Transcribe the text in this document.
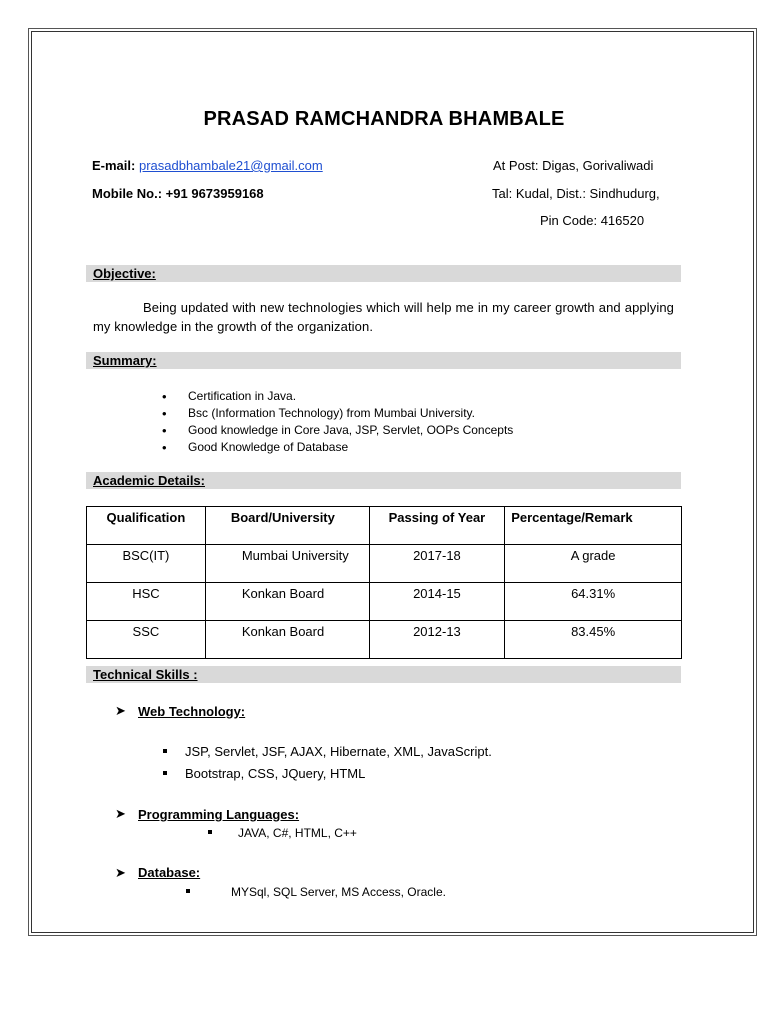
PRASAD RAMCHANDRA BHAMBALE
E-mail: prasadbhambale21@gmail.com
Mobile No.: +91 9673959168
At Post: Digas, Gorivaliwadi
Tal: Kudal, Dist.: Sindhudurg,
Pin Code: 416520
Objective:
Being updated with new technologies which will help me in my career growth and applying my knowledge in the growth of the organization.
Summary:
• Certification in Java.
• Bsc (Information Technology) from Mumbai University.
• Good knowledge in Core Java, JSP, Servlet, OOPs Concepts
• Good Knowledge of Database
Academic Details:
Qualification	Board/University	Passing of Year	Percentage/Remark
BSC(IT)	Mumbai University	2017-18	A grade
HSC	Konkan Board	2014-15	64.31%
SSC	Konkan Board	2012-13	83.45%
Technical Skills :
➤ Web Technology:
JSP, Servlet, JSF, AJAX, Hibernate, XML, JavaScript.
Bootstrap, CSS, JQuery, HTML
➤ Programming Languages:
JAVA, C#, HTML, C++
➤ Database:
MYSql, SQL Server, MS Access, Oracle.
